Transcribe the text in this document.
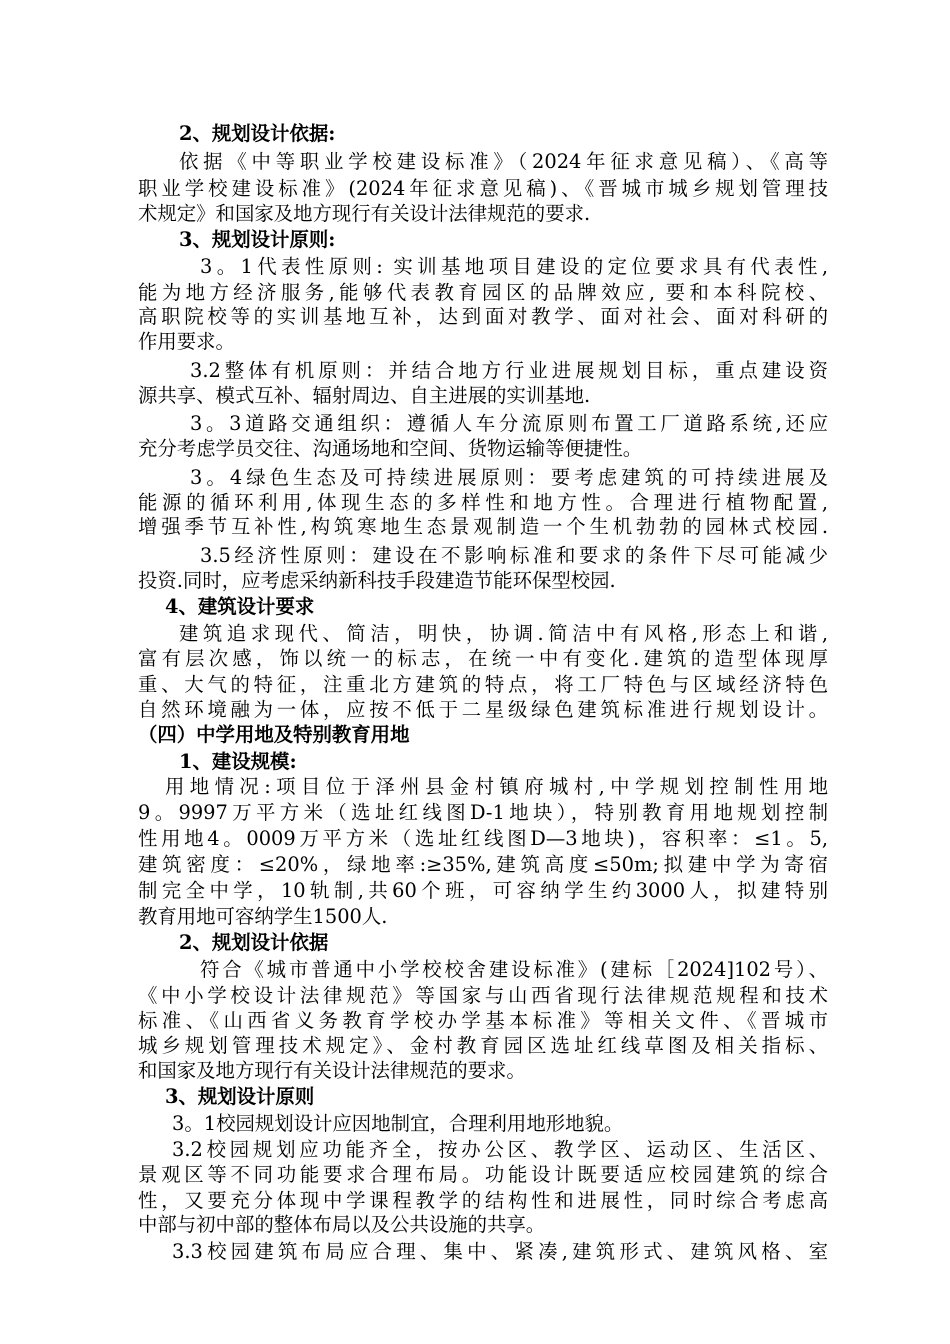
2、规划设计依据:
依据《中等职业学校建设标准》（2024年征求意见稿）、《高等
职业学校建设标准》(2024年征求意见稿)、《晋城市城乡规划管理技
术规定》和国家及地方现行有关设计法律规范的要求.
3、规划设计原则:
3。1代表性原则: 实训基地项目建设的定位要求具有代表性,
能为地方经济服务,能够代表教育园区的品牌效应, 要和本科院校、
高职院校等的实训基地互补，达到面对教学、面对社会、面对科研的
作用要求。
3.2整体有机原则：并结合地方行业进展规划目标，重点建设资
源共享、模式互补、辐射周边、自主进展的实训基地.
3。3道路交通组织：遵循人车分流原则布置工厂道路系统,还应
充分考虑学员交往、沟通场地和空间、货物运输等便捷性。
3。4绿色生态及可持续进展原则：要考虑建筑的可持续进展及
能源的循环利用,体现生态的多样性和地方性。合理进行植物配置,
增强季节互补性,构筑寒地生态景观制造一个生机勃勃的园林式校园.
3.5经济性原则：建设在不影响标准和要求的条件下尽可能减少
投资.同时，应考虑采纳新科技手段建造节能环保型校园.
4、建筑设计要求
建筑追求现代、简洁，明快，协调.简洁中有风格,形态上和谐,
富有层次感，饰以统一的标志，在统一中有变化.建筑的造型体现厚
重、大气的特征，注重北方建筑的特点，将工厂特色与区域经济特色
自然环境融为一体，应按不低于二星级绿色建筑标准进行规划设计。
（四）中学用地及特别教育用地
1、建设规模:
用地情况:项目位于泽州县金村镇府城村,中学规划控制性用地
9。9997万平方米（选址红线图D-1地块），特别教育用地规划控制
性用地4。0009万平方米（选址红线图D—3地块)，容积率：≤1。5,
建筑密度：≤20%，绿地率:≥35%,建筑高度≤50m;拟建中学为寄宿
制完全中学，10轨制,共60个班，可容纳学生约3000人，拟建特别
教育用地可容纳学生1500人.
2、规划设计依据
符合《城市普通中小学校校舍建设标准》(建标［2024]102号）、
《中小学校设计法律规范》等国家与山西省现行法律规范规程和技术
标准、《山西省义务教育学校办学基本标准》等相关文件、《晋城市
城乡规划管理技术规定》、金村教育园区选址红线草图及相关指标、
和国家及地方现行有关设计法律规范的要求。
3、规划设计原则
3。1校园规划设计应因地制宜，合理利用地形地貌。
3.2校园规划应功能齐全，按办公区、教学区、运动区、生活区、
景观区等不同功能要求合理布局。功能设计既要适应校园建筑的综合
性，又要充分体现中学课程教学的结构性和进展性，同时综合考虑高
中部与初中部的整体布局以及公共设施的共享。
3.3校园建筑布局应合理、集中、紧凑,建筑形式、建筑风格、室
